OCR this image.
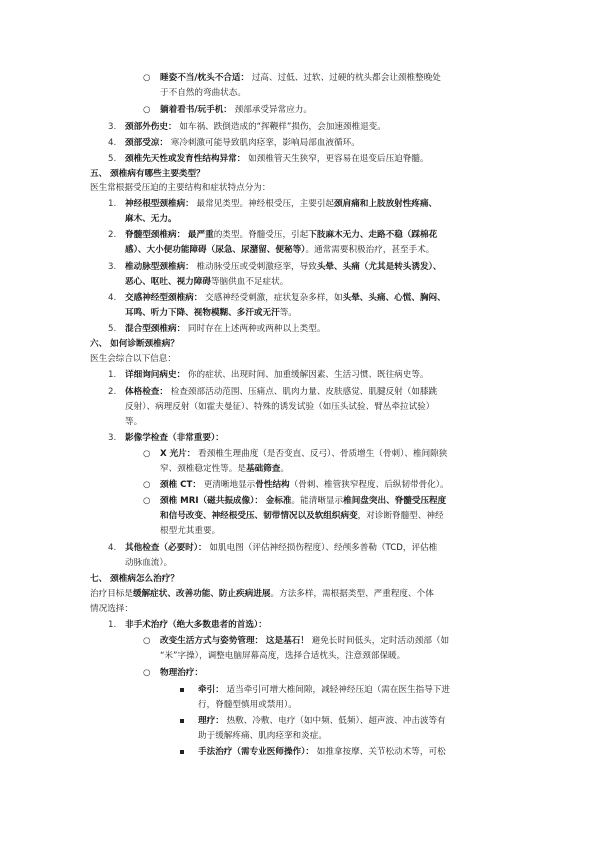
○ 睡姿不当/枕头不合适： 过高、过低、过软、过硬的枕头都会让颈椎整晚处
于不自然的弯曲状态。
○ 躺着看书/玩手机： 颈部承受异常应力。
3. 颈部外伤史： 如车祸、跌倒造成的“挥鞭样”损伤，会加速颈椎退变。
4. 颈部受凉： 寒冷刺激可能导致肌肉痉挛，影响局部血液循环。
5. 颈椎先天性或发育性结构异常： 如颈椎管天生狭窄，更容易在退变后压迫脊髓。
五、 颈椎病有哪些主要类型？
医生常根据受压迫的主要结构和症状特点分为：
1. 神经根型颈椎病： 最常见类型。神经根受压，主要引起颈肩痛和上肢放射性疼痛、
麻木、无力。
2. 脊髓型颈椎病： 最严重的类型。脊髓受压，引起下肢麻木无力、走路不稳（踩棉花
感）、大小便功能障碍（尿急、尿潴留、便秘等）。通常需要积极治疗，甚至手术。
3. 椎动脉型颈椎病： 椎动脉受压或受刺激痉挛，导致头晕、头痛（尤其是转头诱发）、
恶心、呕吐、视力障碍等脑供血不足症状。
4. 交感神经型颈椎病： 交感神经受刺激，症状复杂多样，如头晕、头痛、心慌、胸闷、
耳鸣、听力下降、视物模糊、多汗或无汗等。
5. 混合型颈椎病： 同时存在上述两种或两种以上类型。
六、 如何诊断颈椎病？
医生会综合以下信息：
1. 详细询问病史： 你的症状、出现时间、加重缓解因素、生活习惯、既往病史等。
2. 体格检查： 检查颈部活动范围、压痛点、肌肉力量、皮肤感觉、肌腱反射（如膝跳
反射）、病理反射（如霍夫曼征）、特殊的诱发试验（如压头试验、臂丛牵拉试验）
等。
3. 影像学检查（非常重要）：
○ X 光片： 看颈椎生理曲度（是否变直、反弓）、骨质增生（骨刺）、椎间隙狭
窄、颈椎稳定性等。是基础筛查。
○ 颈椎 CT： 更清晰地显示骨性结构（骨刺、椎管狭窄程度、后纵韧带骨化）。
○ 颈椎 MRI（磁共振成像）： 金标准。能清晰显示椎间盘突出、脊髓受压程度
和信号改变、神经根受压、韧带情况以及软组织病变，对诊断脊髓型、神经
根型尤其重要。
4. 其他检查（必要时）： 如肌电图（评估神经损伤程度）、经颅多普勒（TCD，评估椎
动脉血流）。
七、 颈椎病怎么治疗？
治疗目标是缓解症状、改善功能、防止疾病进展。方法多样，需根据类型、严重程度、个体
情况选择：
1. 非手术治疗（绝大多数患者的首选）：
○ 改变生活方式与姿势管理： 这是基石！ 避免长时间低头，定时活动颈部（如
“米”字操），调整电脑屏幕高度，选择合适枕头，注意颈部保暖。
○ 物理治疗：
牵引： 适当牵引可增大椎间隙，减轻神经压迫（需在医生指导下进
行，脊髓型慎用或禁用）。
理疗： 热敷、冷敷、电疗（如中频、低频）、超声波、冲击波等有
助于缓解疼痛、肌肉痉挛和炎症。
手法治疗（需专业医师操作）： 如推拿按摩、关节松动术等，可松
